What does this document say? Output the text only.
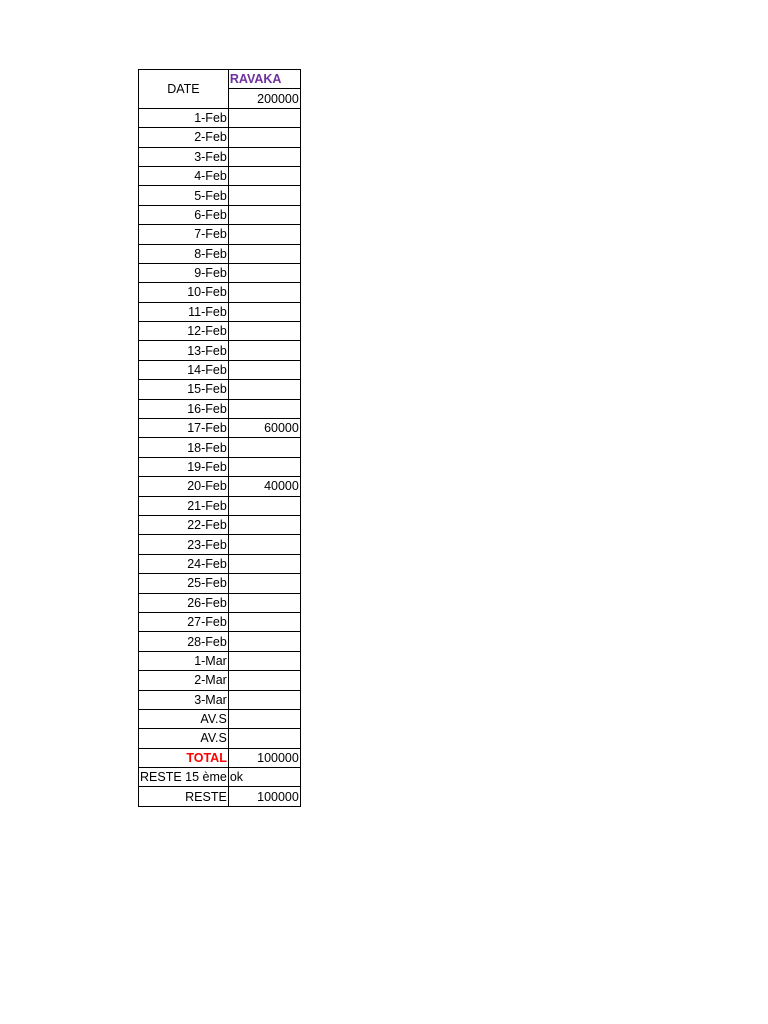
DATE	RAVAKA
	200000
1-Feb	
2-Feb	
3-Feb	
4-Feb	
5-Feb	
6-Feb	
7-Feb	
8-Feb	
9-Feb	
10-Feb	
11-Feb	
12-Feb	
13-Feb	
14-Feb	
15-Feb	
16-Feb	
17-Feb	60000
18-Feb	
19-Feb	
20-Feb	40000
21-Feb	
22-Feb	
23-Feb	
24-Feb	
25-Feb	
26-Feb	
27-Feb	
28-Feb	
1-Mar	
2-Mar	
3-Mar	
AV.S	
AV.S	
TOTAL	100000
RESTE 15 ème	ok
RESTE	100000
